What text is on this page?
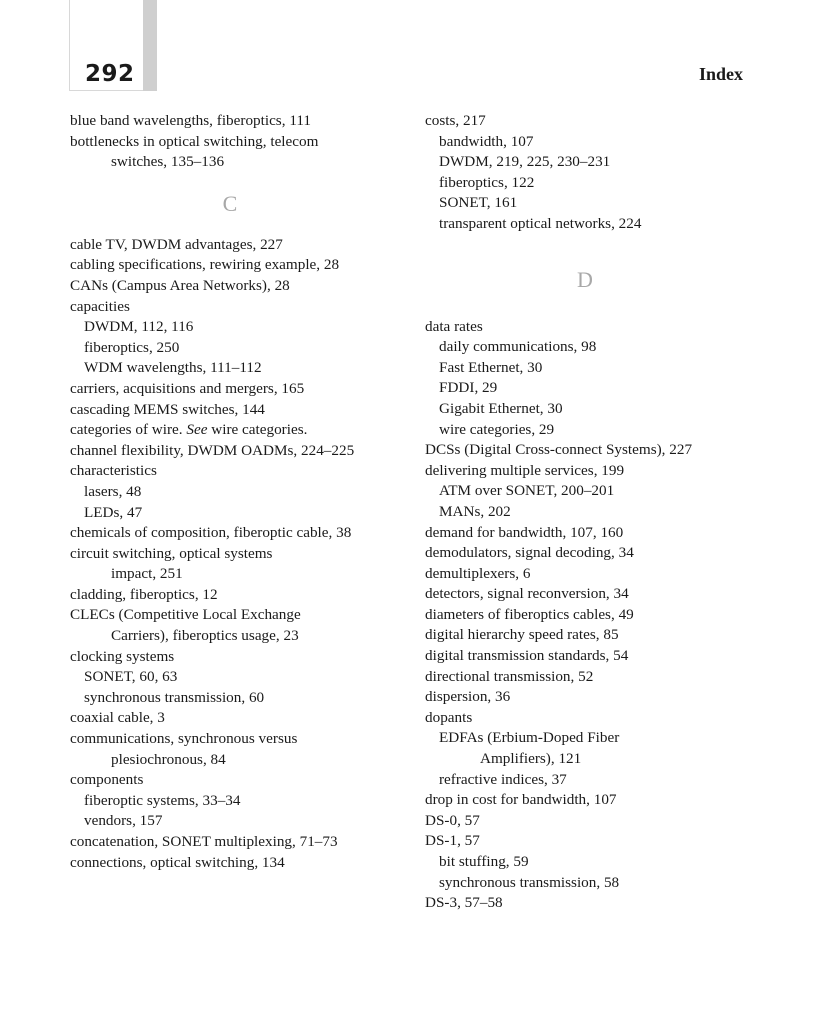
292	Index
blue band wavelengths, fiberoptics, 111
bottlenecks in optical switching, telecom
switches, 135–136
C
cable TV, DWDM advantages, 227
cabling specifications, rewiring example, 28
CANs (Campus Area Networks), 28
capacities
DWDM, 112, 116
fiberoptics, 250
WDM wavelengths, 111–112
carriers, acquisitions and mergers, 165
cascading MEMS switches, 144
categories of wire. See wire categories.
channel flexibility, DWDM OADMs, 224–225
characteristics
lasers, 48
LEDs, 47
chemicals of composition, fiberoptic cable, 38
circuit switching, optical systems
impact, 251
cladding, fiberoptics, 12
CLECs (Competitive Local Exchange
Carriers), fiberoptics usage, 23
clocking systems
SONET, 60, 63
synchronous transmission, 60
coaxial cable, 3
communications, synchronous versus
plesiochronous, 84
components
fiberoptic systems, 33–34
vendors, 157
concatenation, SONET multiplexing, 71–73
connections, optical switching, 134
costs, 217
bandwidth, 107
DWDM, 219, 225, 230–231
fiberoptics, 122
SONET, 161
transparent optical networks, 224
D
data rates
daily communications, 98
Fast Ethernet, 30
FDDI, 29
Gigabit Ethernet, 30
wire categories, 29
DCSs (Digital Cross-connect Systems), 227
delivering multiple services, 199
ATM over SONET, 200–201
MANs, 202
demand for bandwidth, 107, 160
demodulators, signal decoding, 34
demultiplexers, 6
detectors, signal reconversion, 34
diameters of fiberoptics cables, 49
digital hierarchy speed rates, 85
digital transmission standards, 54
directional transmission, 52
dispersion, 36
dopants
EDFAs (Erbium-Doped Fiber
Amplifiers), 121
refractive indices, 37
drop in cost for bandwidth, 107
DS-0, 57
DS-1, 57
bit stuffing, 59
synchronous transmission, 58
DS-3, 57–58
